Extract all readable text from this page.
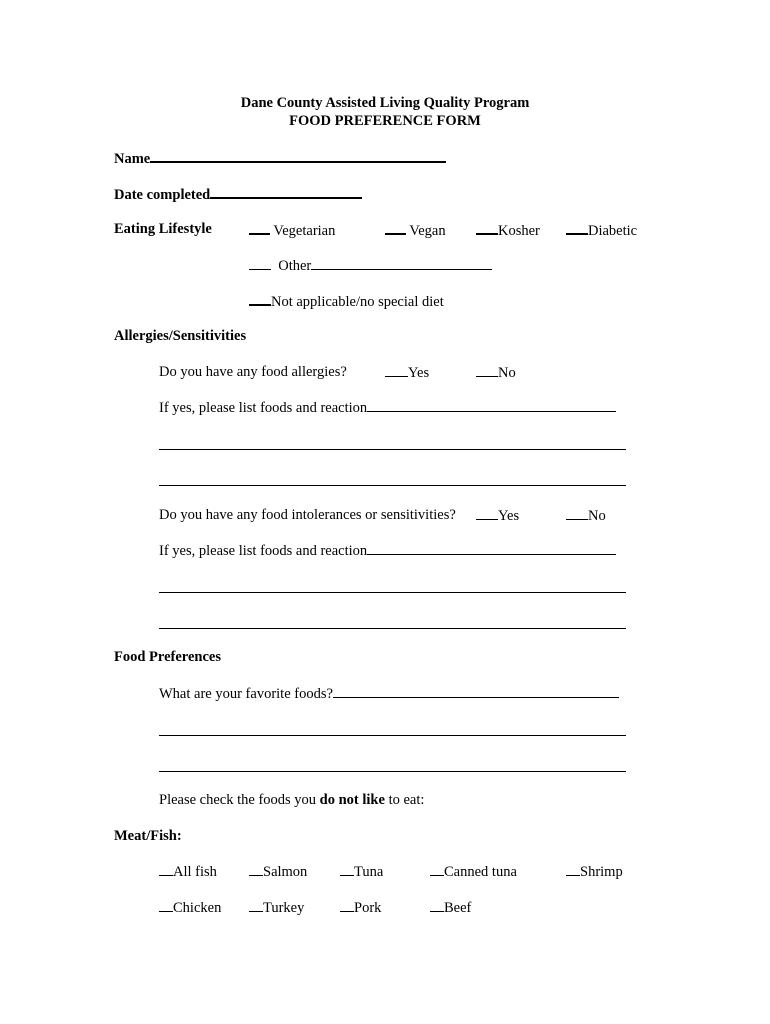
Dane County Assisted Living Quality Program
FOOD PREFERENCE FORM
Name
Date completed
Eating Lifestyle	Vegetarian	Vegan	Kosher	Diabetic
Other
Not applicable/no special diet
Allergies/Sensitivities
Do you have any food allergies?	Yes	No
If yes, please list foods and reaction
Do you have any food intolerances or sensitivities?	Yes	No
If yes, please list foods and reaction
Food Preferences
What are your favorite foods?
Please check the foods you do not like to eat:
Meat/Fish:
All fish	Salmon	Tuna	Canned tuna	Shrimp
Chicken	Turkey	Pork	Beef
